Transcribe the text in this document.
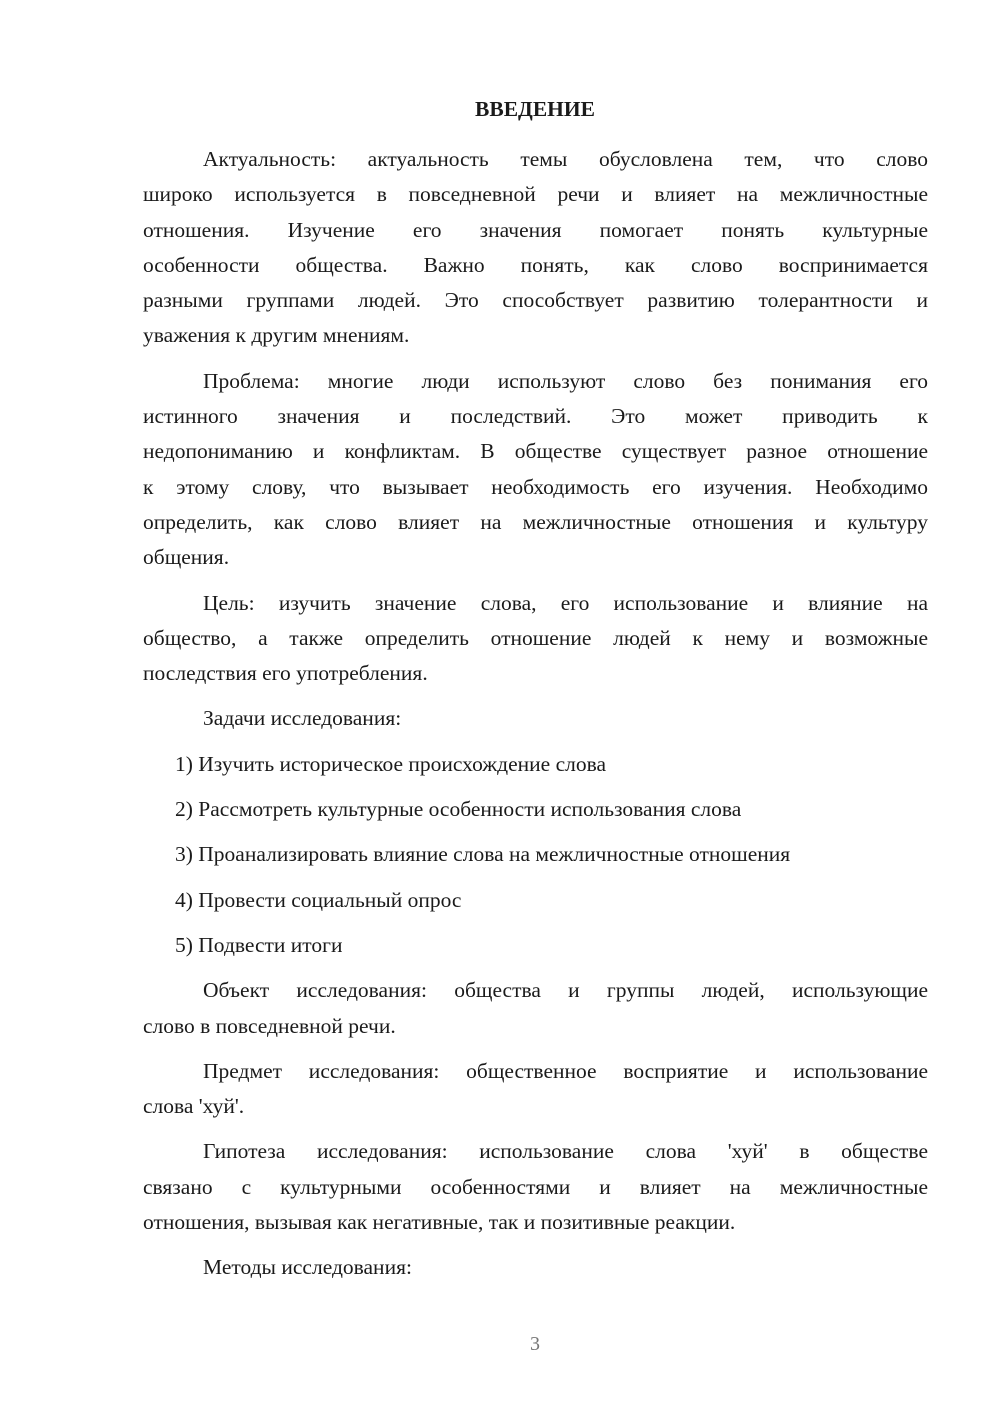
ВВЕДЕНИЕ
Актуальность: актуальность темы обусловлена тем, что слово
широко используется в повседневной речи и влияет на межличностные
отношения. Изучение его значения помогает понять культурные
особенности общества. Важно понять, как слово воспринимается
разными группами людей. Это способствует развитию толерантности и
уважения к другим мнениям.
Проблема: многие люди используют слово без понимания его
истинного значения и последствий. Это может приводить к
недопониманию и конфликтам. В обществе существует разное отношение
к этому слову, что вызывает необходимость его изучения. Необходимо
определить, как слово влияет на межличностные отношения и культуру
общения.
Цель: изучить значение слова, его использование и влияние на
общество, а также определить отношение людей к нему и возможные
последствия его употребления.
Задачи исследования:
1) Изучить историческое происхождение слова
2) Рассмотреть культурные особенности использования слова
3) Проанализировать влияние слова на межличностные отношения
4) Провести социальный опрос
5) Подвести итоги
Объект исследования: общества и группы людей, использующие
слово в повседневной речи.
Предмет исследования: общественное восприятие и использование
слова 'хуй'.
Гипотеза исследования: использование слова 'хуй' в обществе
связано с культурными особенностями и влияет на межличностные
отношения, вызывая как негативные, так и позитивные реакции.
Методы исследования:
3
